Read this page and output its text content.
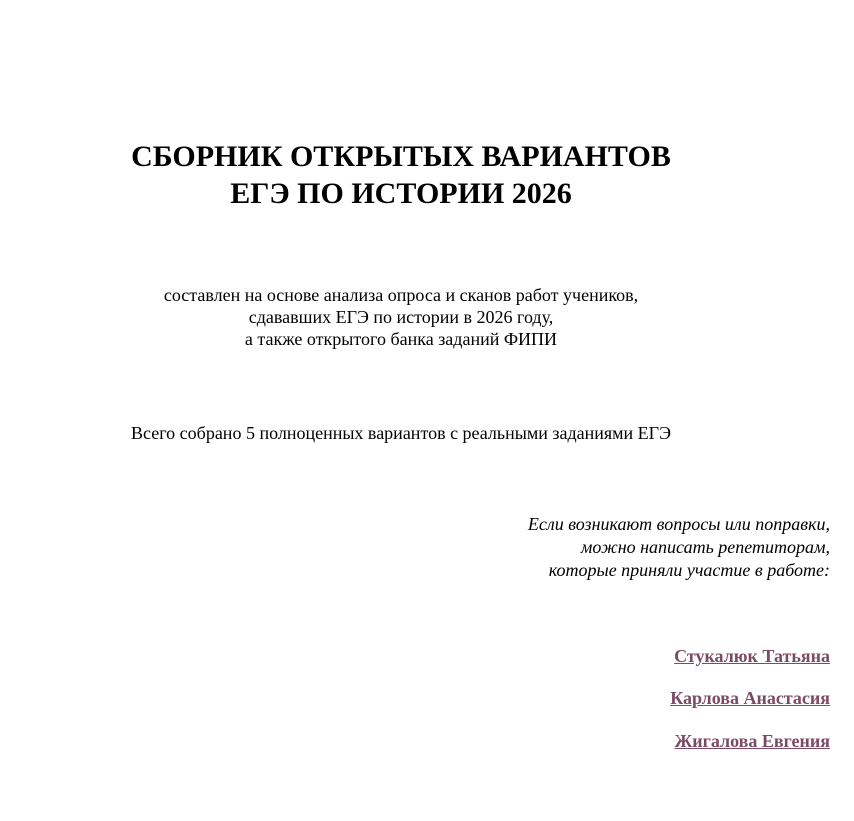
СБОРНИК ОТКРЫТЫХ ВАРИАНТОВ
ЕГЭ ПО ИСТОРИИ 2026

составлен на основе анализа опроса и сканов работ учеников,

сдававших ЕГЭ по истории в 2026 году,

а также открытого банка заданий ФИПИ

Всего собрано 5 полноценных вариантов с реальными заданиями ЕГЭ

Если возникают вопросы или поправки,

можно написать репетиторам,

которые приняли участие в работе:

Стукалюк Татьяна
Карлова Анастасия
Жигалова Евгения
